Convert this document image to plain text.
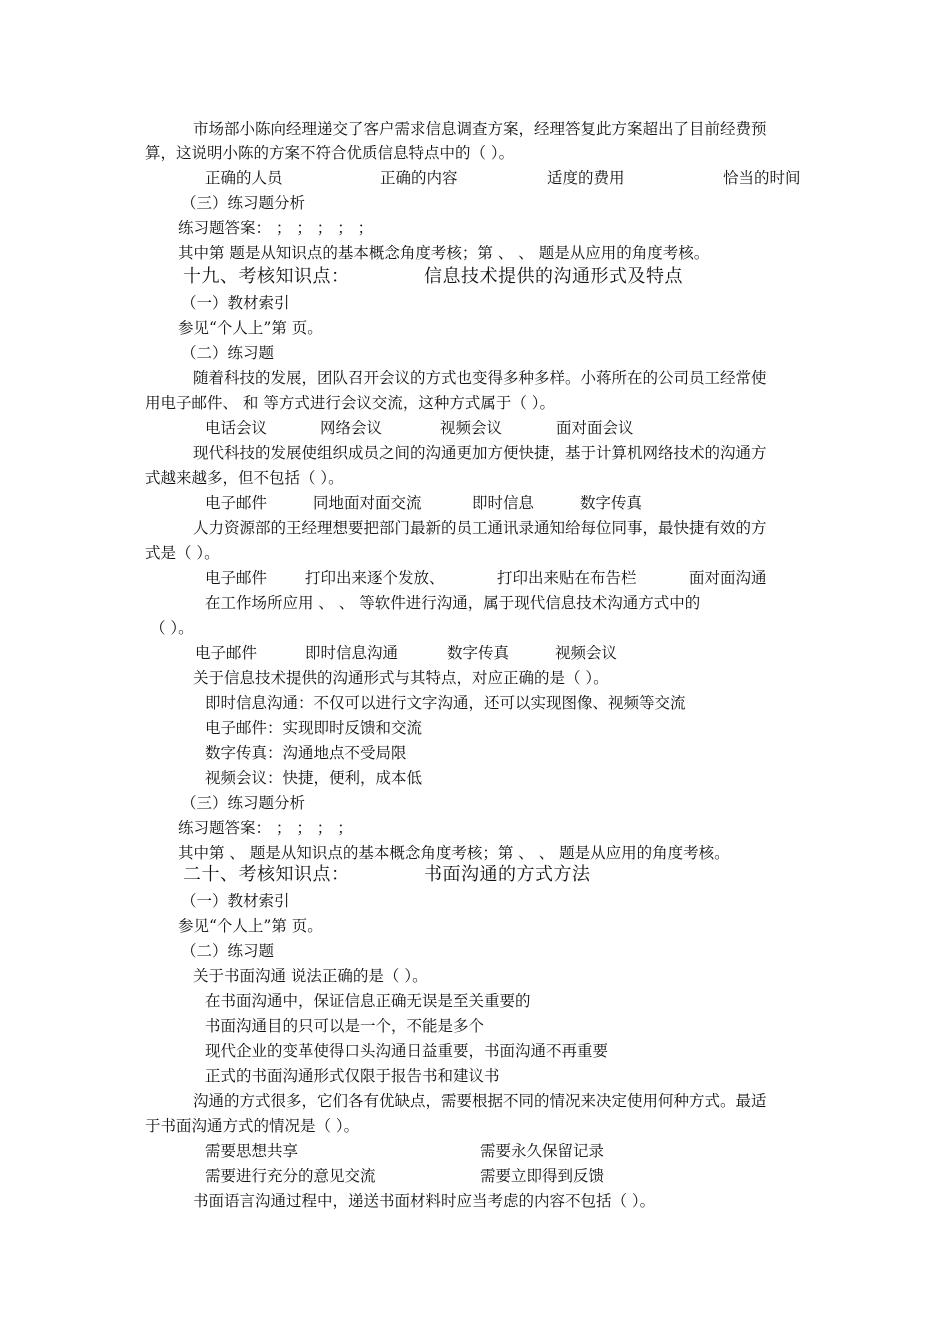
市场部小陈向经理递交了客户需求信息调查方案，经理答复此方案超出了目前经费预
算，这说明小陈的方案不符合优质信息特点中的（ ）。
正确的人员	正确的内容	适度的费用	恰当的时间
（三）练习题分析
练习题答案： ； ； ； ； ；
其中第 题是从知识点的基本概念角度考核；第 、 、 题是从应用的角度考核。
十九、考核知识点：	信息技术提供的沟通形式及特点
（一）教材索引
参见“个人上”第 页。
（二）练习题
随着科技的发展，团队召开会议的方式也变得多种多样。小蒋所在的公司员工经常使
用电子邮件、 和 等方式进行会议交流，这种方式属于（ ）。
电话会议	网络会议	视频会议	面对面会议
现代科技的发展使组织成员之间的沟通更加方便快捷，基于计算机网络技术的沟通方
式越来越多，但不包括（ ）。
电子邮件	同地面对面交流	即时信息	数字传真
人力资源部的王经理想要把部门最新的员工通讯录通知给每位同事，最快捷有效的方
式是（ ）。
电子邮件 打印出来逐个发放、	打印出来贴在布告栏	面对面沟通
在工作场所应用 、 、 等软件进行沟通，属于现代信息技术沟通方式中的
（ ）。
电子邮件	即时信息沟通	数字传真	视频会议
关于信息技术提供的沟通形式与其特点，对应正确的是（ ）。
即时信息沟通：不仅可以进行文字沟通，还可以实现图像、视频等交流
电子邮件：实现即时反馈和交流
数字传真：沟通地点不受局限
视频会议：快捷，便利，成本低
（三）练习题分析
练习题答案： ； ； ； ；
其中第 、 题是从知识点的基本概念角度考核；第 、 、 题是从应用的角度考核。
二十、考核知识点：	书面沟通的方式方法
（一）教材索引
参见“个人上”第 页。
（二）练习题
关于书面沟通 说法正确的是（ ）。
在书面沟通中，保证信息正确无误是至关重要的
书面沟通目的只可以是一个，不能是多个
现代企业的变革使得口头沟通日益重要，书面沟通不再重要
正式的书面沟通形式仅限于报告书和建议书
沟通的方式很多，它们各有优缺点，需要根据不同的情况来决定使用何种方式。最适
于书面沟通方式的情况是（ ）。
需要思想共享	需要永久保留记录
需要进行充分的意见交流	需要立即得到反馈
书面语言沟通过程中，递送书面材料时应当考虑的内容不包括（ ）。
